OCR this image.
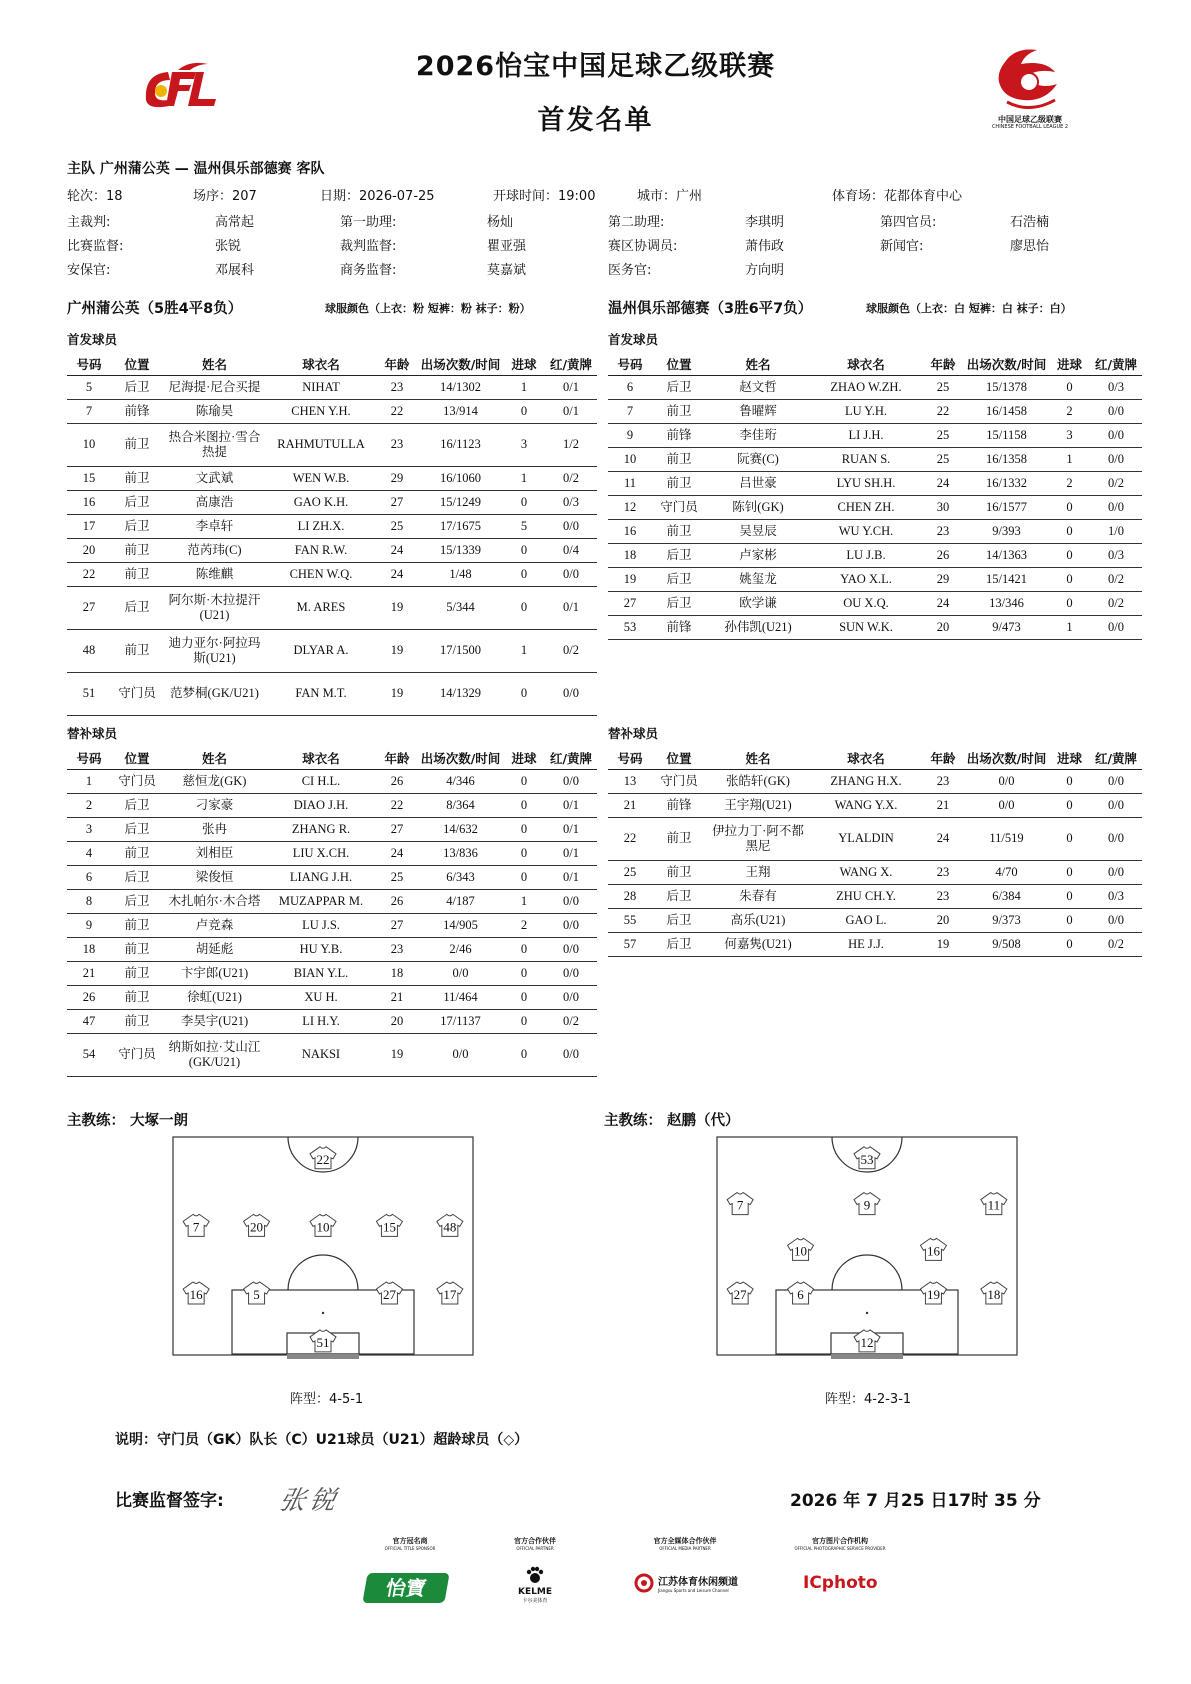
2026怡宝中国足球乙级联赛
首发名单	中国足球乙级联赛
CHINESE FOOTBALL LEAGUE 2
主队 广州蒲公英 — 温州俱乐部德赛 客队
轮次：18	场序：207	日期：2026-07-25	开球时间：19:00	城市：广州	体育场：花都体育中心
主裁判:	高常起	第一助理:	杨灿	第二助理:	李琪明	第四官员:	石浩楠
比赛监督:	张锐	裁判监督:	瞿亚强	赛区协调员:	萧伟政	新闻官:	廖思怡
安保官:	邓展科	商务监督:	莫嘉斌	医务官:	方向明
广州蒲公英（5胜4平8负）	球服颜色（上衣：粉 短裤：粉 袜子：粉）	温州俱乐部德赛（3胜6平7负）	球服颜色（上衣：白 短裤：白 袜子：白）
首发球员	首发球员
替补球员	替补球员
号码	位置	姓名	球衣名	年龄	出场次数/时间	进球	红/黄牌
5	后卫	尼海提·尼合买提	NIHAT	23	14/1302	1	0/1
7	前锋	陈瑜昊	CHEN Y.H.	22	13/914	0	0/1
10	前卫	热合米图拉·雪合热提	RAHMUTULLA	23	16/1123	3	1/2
15	前卫	文武斌	WEN W.B.	29	16/1060	1	0/2
16	后卫	高康浩	GAO K.H.	27	15/1249	0	0/3
17	后卫	李卓轩	LI ZH.X.	25	17/1675	5	0/0
20	前卫	范芮玮(C)	FAN R.W.	24	15/1339	0	0/4
22	前卫	陈维麒	CHEN W.Q.	24	1/48	0	0/0
27	后卫	阿尔斯·木拉提汗(U21)	M. ARES	19	5/344	0	0/1
48	前卫	迪力亚尔·阿拉玛斯(U21)	DLYAR A.	19	17/1500	1	0/2
51	守门员	范梦桐(GK/U21)	FAN M.T.	19	14/1329	0	0/0
号码	位置	姓名	球衣名	年龄	出场次数/时间	进球	红/黄牌
6	后卫	赵文哲	ZHAO W.ZH.	25	15/1378	0	0/3
7	前卫	鲁曜辉	LU Y.H.	22	16/1458	2	0/0
9	前锋	李佳珩	LI J.H.	25	15/1158	3	0/0
10	前卫	阮赛(C)	RUAN S.	25	16/1358	1	0/0
11	前卫	吕世豪	LYU SH.H.	24	16/1332	2	0/2
12	守门员	陈钊(GK)	CHEN ZH.	30	16/1577	0	0/0
16	前卫	吴昱辰	WU Y.CH.	23	9/393	0	1/0
18	后卫	卢家彬	LU J.B.	26	14/1363	0	0/3
19	后卫	姚玺龙	YAO X.L.	29	15/1421	0	0/2
27	后卫	欧学谦	OU X.Q.	24	13/346	0	0/2
53	前锋	孙伟凯(U21)	SUN W.K.	20	9/473	1	0/0
号码	位置	姓名	球衣名	年龄	出场次数/时间	进球	红/黄牌
1	守门员	慈恒龙(GK)	CI H.L.	26	4/346	0	0/0
2	后卫	刁家豪	DIAO J.H.	22	8/364	0	0/1
3	后卫	张冉	ZHANG R.	27	14/632	0	0/1
4	前卫	刘相臣	LIU X.CH.	24	13/836	0	0/1
6	后卫	梁俊恒	LIANG J.H.	25	6/343	0	0/1
8	后卫	木扎帕尔·木合塔	MUZAPPAR M.	26	4/187	1	0/0
9	前卫	卢竞森	LU J.S.	27	14/905	2	0/0
18	前卫	胡延彪	HU Y.B.	23	2/46	0	0/0
21	前卫	卞宇郎(U21)	BIAN Y.L.	18	0/0	0	0/0
26	前卫	徐虹(U21)	XU H.	21	11/464	0	0/0
47	前卫	李昊宇(U21)	LI H.Y.	20	17/1137	0	0/2
54	守门员	纳斯如拉·艾山江(GK/U21)	NAKSI	19	0/0	0	0/0
号码	位置	姓名	球衣名	年龄	出场次数/时间	进球	红/黄牌
13	守门员	张皓轩(GK)	ZHANG H.X.	23	0/0	0	0/0
21	前锋	王宇翔(U21)	WANG Y.X.	21	0/0	0	0/0
22	前卫	伊拉力丁·阿不都黑尼	YLALDIN	24	11/519	0	0/0
25	前卫	王翔	WANG X.	23	4/70	0	0/0
28	后卫	朱春有	ZHU CH.Y.	23	6/384	0	0/3
55	后卫	高乐(U21)	GAO L.	20	9/373	0	0/0
57	后卫	何嘉隽(U21)	HE J.J.	19	9/508	0	0/2
主教练： 大塚一朗	主教练： 赵鹏（代）
22
7	20	10	15	48
16	5	27	17
51
53
7	9	11
10	16
27	6	19	18
12
阵型：4-5-1	阵型：4-2-3-1
说明：守门员（GK）队长（C）U21球员（U21）超龄球员（◇）
比赛监督签字: 张锐	2026 年 7 月25 日17时 35 分
官方冠名商
OFFICIAL TITLE SPONSOR
怡寶
官方合作伙伴
OFFICIAL PARTNER
KELME
卡尔美体育
官方全媒体合作伙伴
OFFICIAL MEDIA PARTNER
江苏体育休闲频道
Jiangsu Sports and Leisure Channel
官方图片合作机构
OFFICIAL PHOTOGRAPHIC SERVICE PROVIDER
ICphoto
